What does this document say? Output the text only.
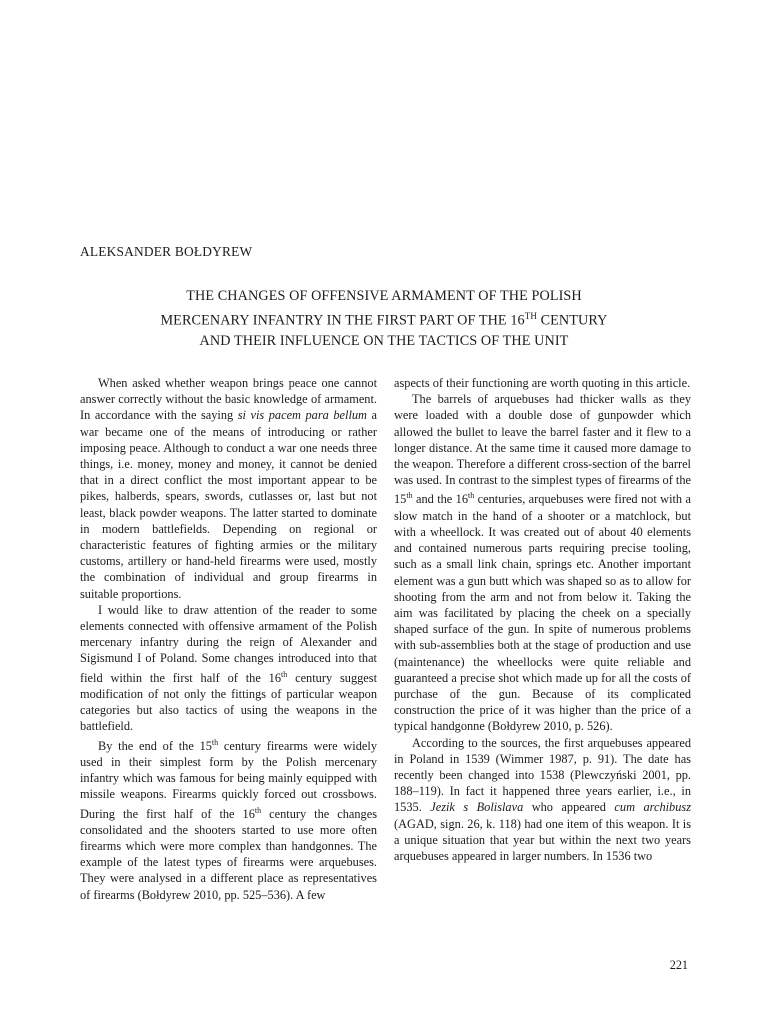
ALEKSANDER BOŁDYREW

THE CHANGES OF OFFENSIVE ARMAMENT OF THE POLISH
MERCENARY INFANTRY IN THE FIRST PART OF THE 16TH CENTURY
AND THEIR INFLUENCE ON THE TACTICS OF THE UNIT

When asked whether weapon brings peace one cannot answer correctly without the basic knowledge of armament. In accordance with the saying si vis pacem para bellum a war became one of the means of introducing or rather imposing peace. Although to conduct a war one needs three things, i.e. money, money and money, it cannot be denied that in a direct conflict the most important appear to be pikes, halberds, spears, swords, cutlasses or, last but not least, black powder weapons. The latter started to dominate in modern battlefields. Depending on regional or characteristic features of fighting armies or the military customs, artillery or hand-held firearms were used, mostly the combination of individual and group firearms in suitable proportions.

I would like to draw attention of the reader to some elements connected with offensive armament of the Polish mercenary infantry during the reign of Alexander and Sigismund I of Poland. Some changes introduced into that field within the first half of the 16th century suggest modification of not only the fittings of particular weapon categories but also tactics of using the weapons in the battlefield.

By the end of the 15th century firearms were widely used in their simplest form by the Polish mercenary infantry which was famous for being mainly equipped with missile weapons. Firearms quickly forced out crossbows. During the first half of the 16th century the changes consolidated and the shooters started to use more often firearms which were more complex than handgonnes. The example of the latest types of firearms were arquebuses. They were analysed in a different place as representatives of firearms (Bołdyrew 2010, pp. 525–536). A few

aspects of their functioning are worth quoting in this article.

The barrels of arquebuses had thicker walls as they were loaded with a double dose of gunpowder which allowed the bullet to leave the barrel faster and it flew to a longer distance. At the same time it caused more damage to the weapon. Therefore a different cross-section of the barrel was used. In contrast to the simplest types of firearms of the 15th and the 16th centuries, arquebuses were fired not with a slow match in the hand of a shooter or a matchlock, but with a wheellock. It was created out of about 40 elements and contained numerous parts requiring precise tooling, such as a small link chain, springs etc. Another important element was a gun butt which was shaped so as to allow for shooting from the arm and not from below it. Taking the aim was facilitated by placing the cheek on a specially shaped surface of the gun. In spite of numerous problems with sub-assemblies both at the stage of production and use (maintenance) the wheellocks were quite reliable and guaranteed a precise shot which made up for all the costs of purchase of the gun. Because of its complicated construction the price of it was higher than the price of a typical handgonne (Bołdyrew 2010, p. 526).

According to the sources, the first arquebuses appeared in Poland in 1539 (Wimmer 1987, p. 91). The date has recently been changed into 1538 (Plewczyński 2001, pp. 188–119). In fact it happened three years earlier, i.e., in 1535. Jezik s Bolislava who appeared cum archibusz (AGAD, sign. 26, k. 118) had one item of this weapon. It is a unique situation that year but within the next two years arquebuses appeared in larger numbers. In 1536 two

221
